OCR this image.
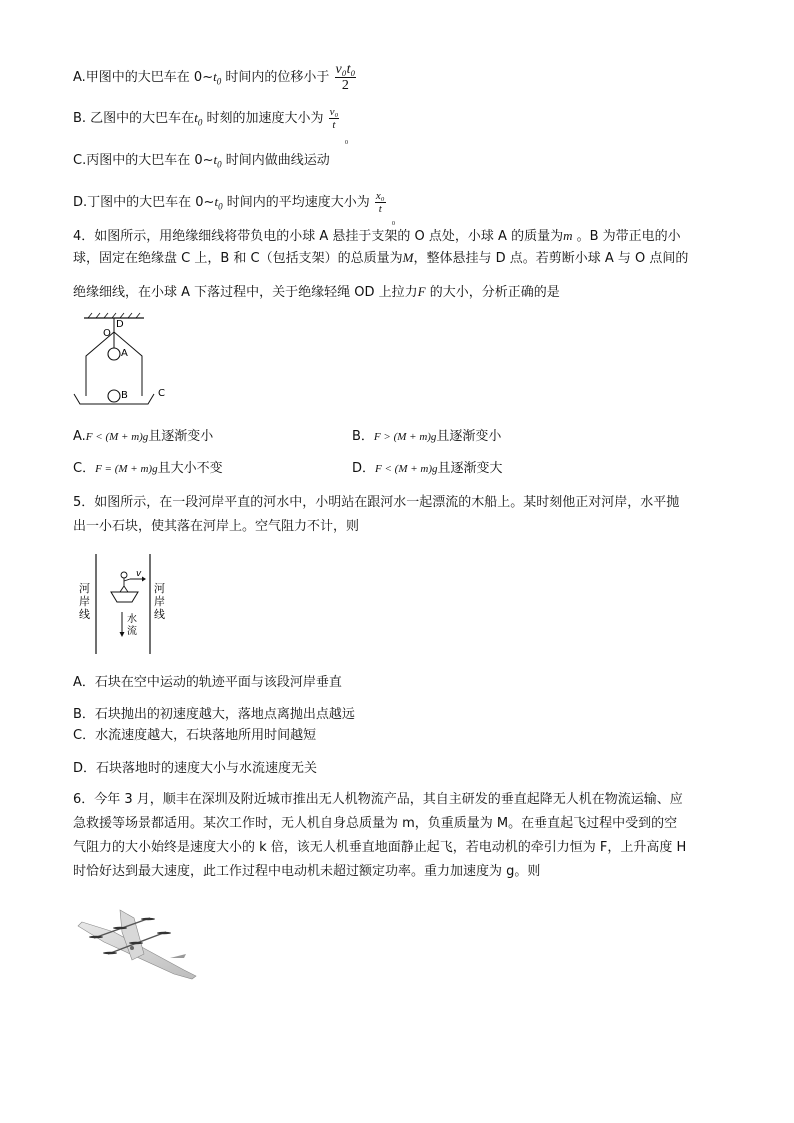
A.甲图中的大巴车在 $0\sim t_0$ 时间内的位移小于 $\frac{\text{v₀t₀}}{2}$
B. 乙图中的大巴车在$t_0$ 时刻的加速度大小为 $\frac{\text{v₀}}{t}$
0
C.丙图中的大巴车在 $0\sim t_0$ 时间内做曲线运动
D.丁图中的大巴车在 $0\sim t_0$ 时间内的平均速度大小为 $\frac{\text{x₀}}{t}$
0
4．如图所示，用绝缘细线将带负电的小球 A 悬挂于支架的 O 点处，小球 A 的质量为m 。B 为带正电的小
球，固定在绝缘盘 C 上，B 和 C（包括支架）的总质量为M，整体悬挂与 D 点。若剪断小球 A 与 O 点间的
绝缘细线，在小球 A 下落过程中，关于绝缘轻绳 OD 上拉力F 的大小，分析正确的是
D
O
A
B	C
A.F < (M + m)g且逐渐变小	B．F > (M + m)g且逐渐变小
C．F = (M + m)g且大小不变	D．F < (M + m)g且逐渐变大
5．如图所示，在一段河岸平直的河水中，小明站在跟河水一起漂流的木船上。某时刻他正对河岸，水平抛
出一小石块，使其落在河岸上。空气阻力不计，则
河岸线
河岸线
v
水流
A．石块在空中运动的轨迹平面与该段河岸垂直
B．石块抛出的初速度越大，落地点离抛出点越远
C．水流速度越大，石块落地所用时间越短
D．石块落地时的速度大小与水流速度无关
6．今年 3 月，顺丰在深圳及附近城市推出无人机物流产品，其自主研发的垂直起降无人机在物流运输、应
急救援等场景都适用。某次工作时，无人机自身总质量为 m，负重质量为 M。在垂直起飞过程中受到的空
气阻力的大小始终是速度大小的 k 倍，该无人机垂直地面静止起飞，若电动机的牵引力恒为 F，上升高度 H
时恰好达到最大速度，此工作过程中电动机未超过额定功率。重力加速度为 g。则
